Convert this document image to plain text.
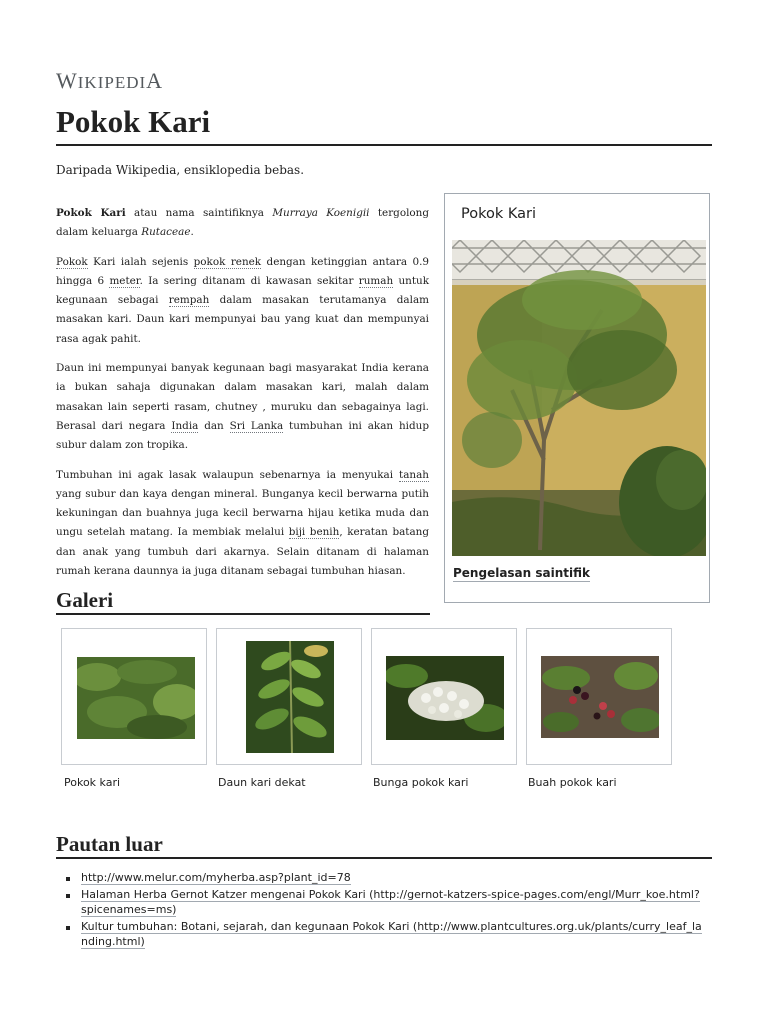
WIKIPEDIA
Pokok Kari
Daripada Wikipedia, ensiklopedia bebas.

Pokok Kari atau nama saintifiknya Murraya Koenigii tergolong dalam keluarga Rutaceae.

Pokok Kari ialah sejenis pokok renek dengan ketinggian antara 0.9 hingga 6 meter. Ia sering ditanam di kawasan sekitar rumah untuk kegunaan sebagai rempah dalam masakan terutamanya dalam masakan kari. Daun kari mempunyai bau yang kuat dan mempunyai rasa agak pahit.

Daun ini mempunyai banyak kegunaan bagi masyarakat India kerana ia bukan sahaja digunakan dalam masakan kari, malah dalam masakan lain seperti rasam, chutney , muruku dan sebagainya lagi. Berasal dari negara India dan Sri Lanka tumbuhan ini akan hidup subur dalam zon tropika.

Tumbuhan ini agak lasak walaupun sebenarnya ia menyukai tanah yang subur dan kaya dengan mineral. Bunganya kecil berwarna putih kekuningan dan buahnya juga kecil berwarna hijau ketika muda dan ungu setelah matang. Ia membiak melalui biji benih, keratan batang dan anak yang tumbuh dari akarnya. Selain ditanam di halaman rumah kerana daunnya ia juga ditanam sebagai tumbuhan hiasan.

Pokok Kari
Pengelasan saintifik
Galeri
Pokok kari	Daun kari dekat	Bunga pokok kari	Buah pokok kari
Pautan luar
http://www.melur.com/myherba.asp?plant_id=78
Halaman Herba Gernot Katzer mengenai Pokok Kari (http://gernot-katzers-spice-pages.com/engl/Murr_koe.html?
spicenames=ms)
Kultur tumbuhan: Botani, sejarah, dan kegunaan Pokok Kari (http://www.plantcultures.org.uk/plants/curry_leaf_la
nding.html)
